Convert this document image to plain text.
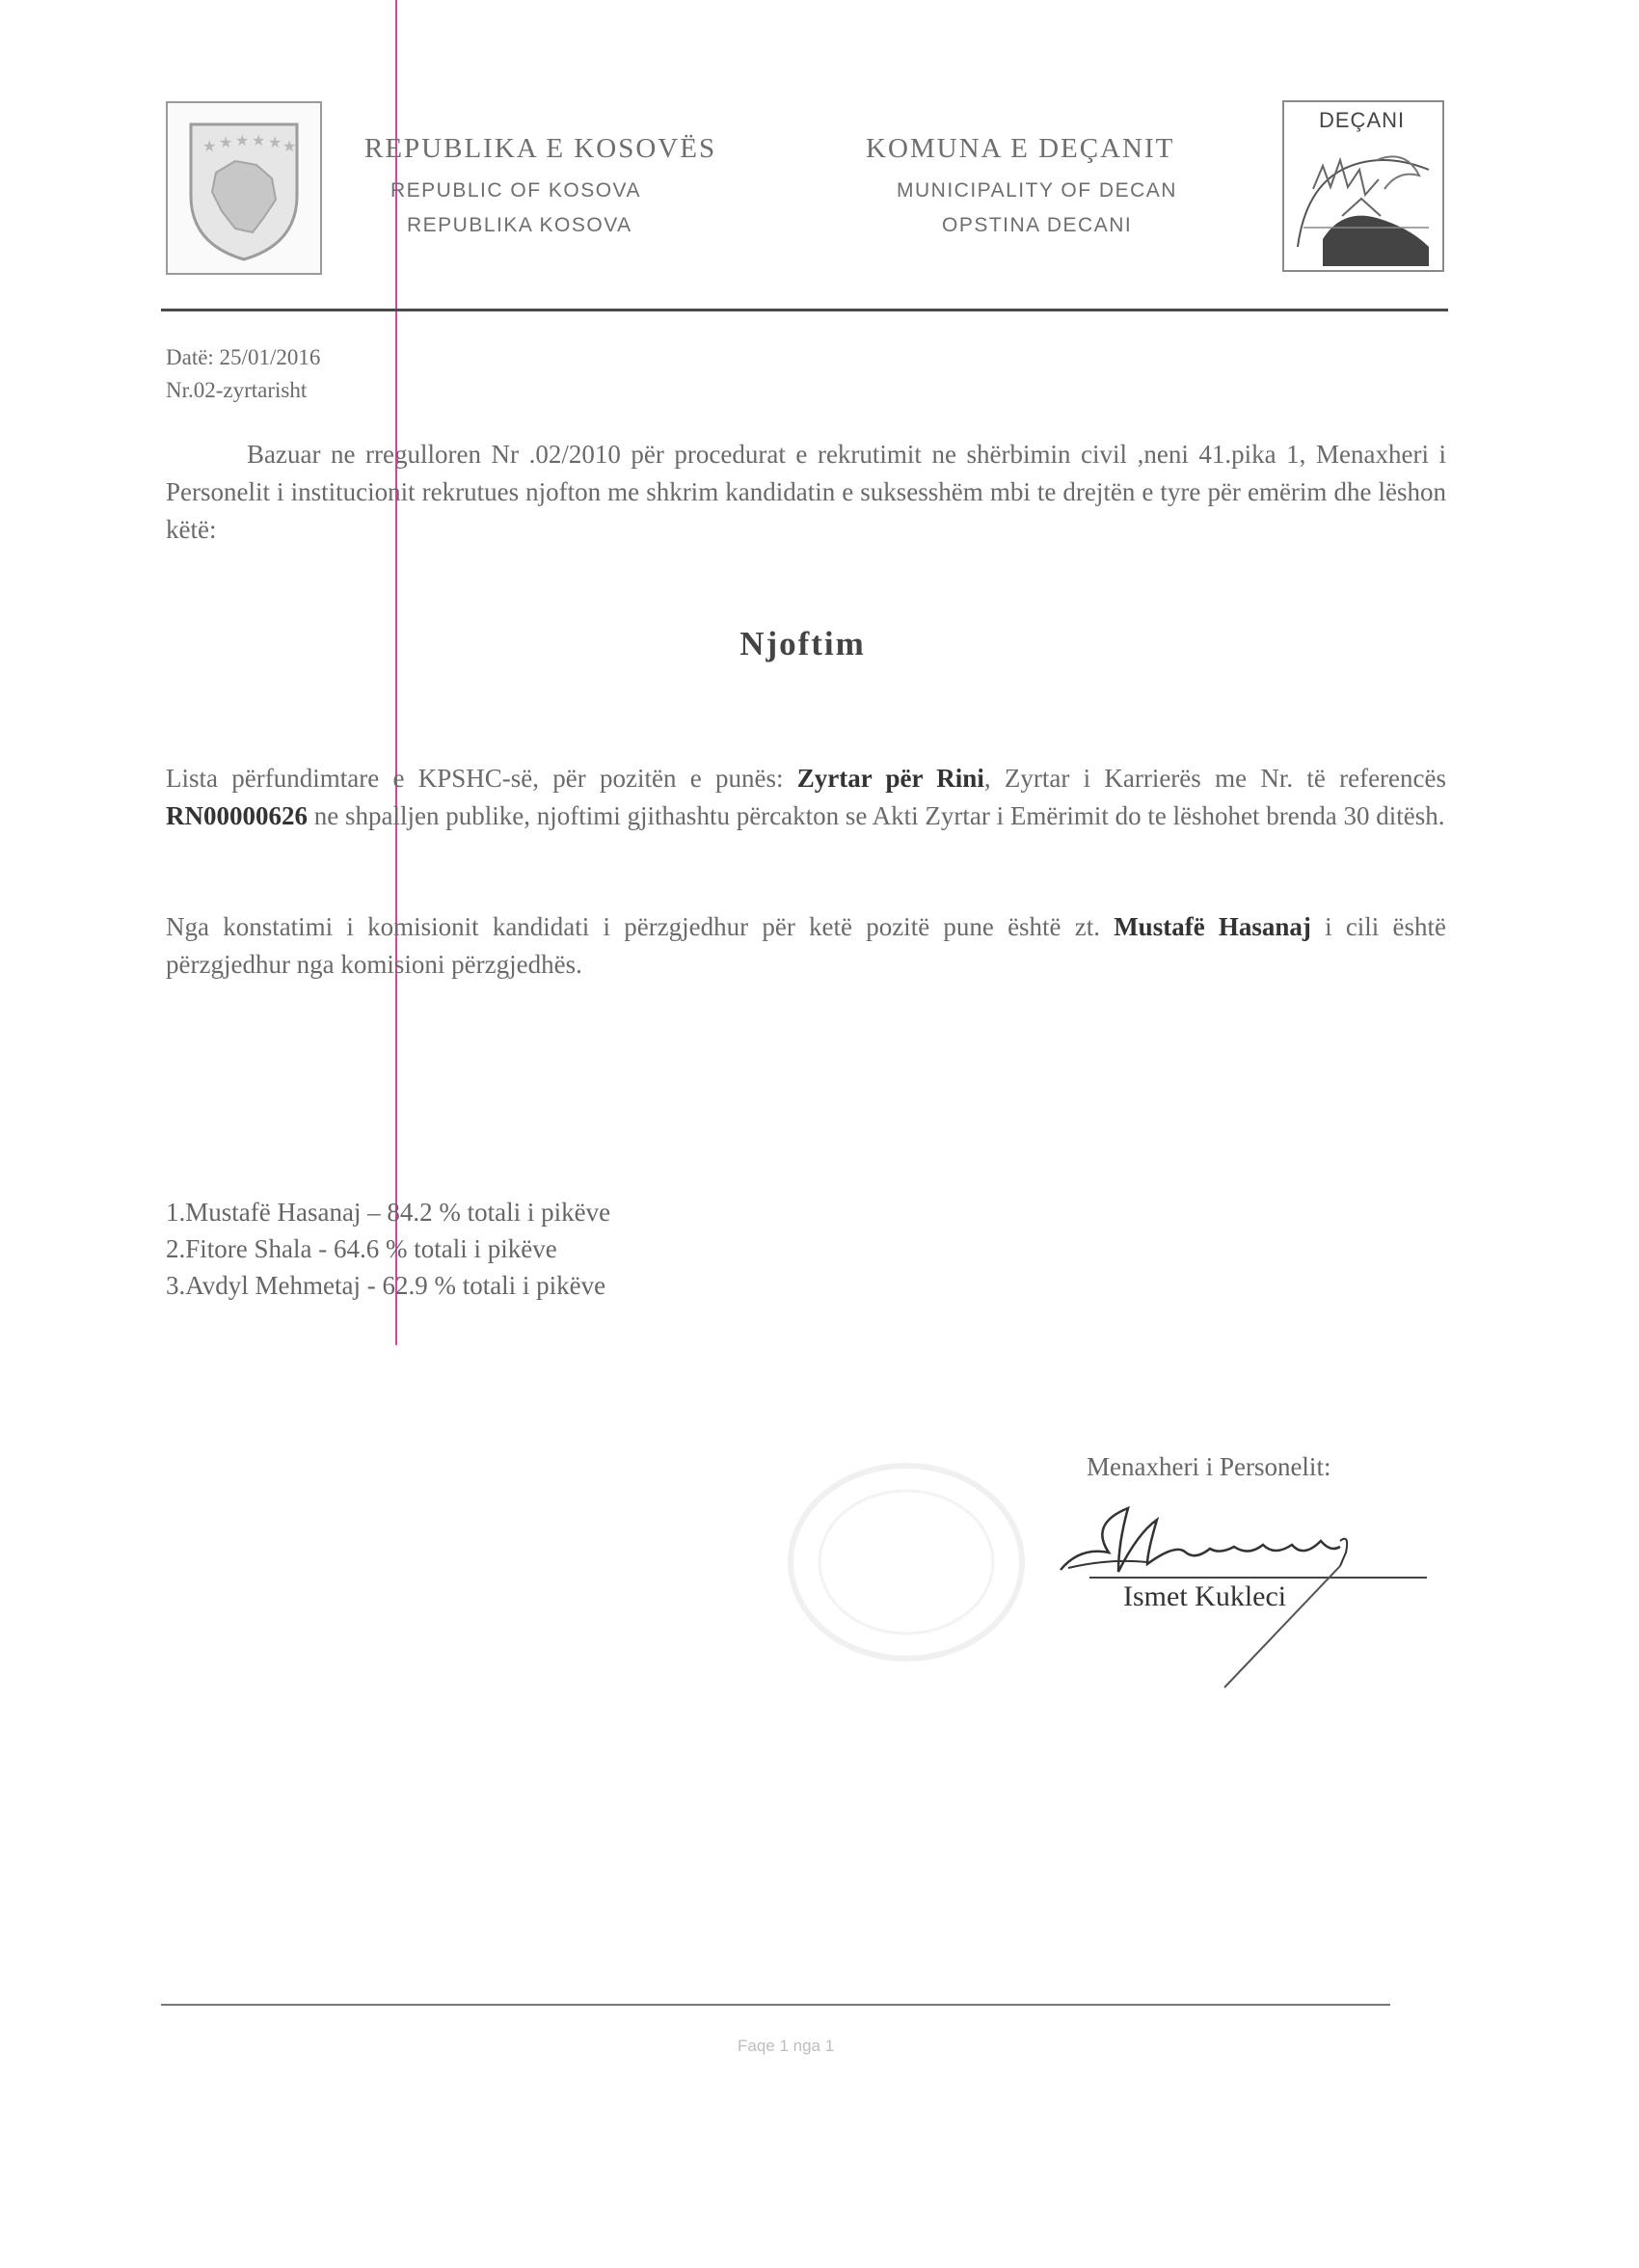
★ ★ ★ ★ ★ ★ REPUBLIKA E KOSOVËS
REPUBLIC OF KOSOVA
REPUBLIKA KOSOVA
KOMUNA E DEÇANIT
MUNICIPALITY OF DECAN
OPSTINA DECANI
DEÇANI
Datë: 25/01/2016
Nr.02-zyrtarisht

Bazuar ne rregulloren Nr .02/2010 për procedurat e rekrutimit ne shërbimin civil ,neni 41.pika 1, Menaxheri i Personelit i institucionit rekrutues njofton me shkrim kandidatin e suksesshëm mbi te drejtën e tyre për emërim dhe lëshon këtë:

Njoftim

Lista përfundimtare e KPSHC-së, për pozitën e punës: Zyrtar për Rini, Zyrtar i Karrierës me Nr. të referencës RN00000626 ne shpalljen publike, njoftimi gjithashtu përcakton se Akti Zyrtar i Emërimit do te lëshohet brenda 30 ditësh.

Nga konstatimi i komisionit kandidati i përzgjedhur për ketë pozitë pune është zt. Mustafë Hasanaj i cili është përzgjedhur nga komisioni përzgjedhës.

1.Mustafë Hasanaj – 84.2 % totali i pikëve
2.Fitore Shala - 64.6 % totali i pikëve
3.Avdyl Mehmetaj - 62.9 % totali i pikëve
Menaxheri i Personelit:
Ismet Kukleci
Faqe 1 nga 1
